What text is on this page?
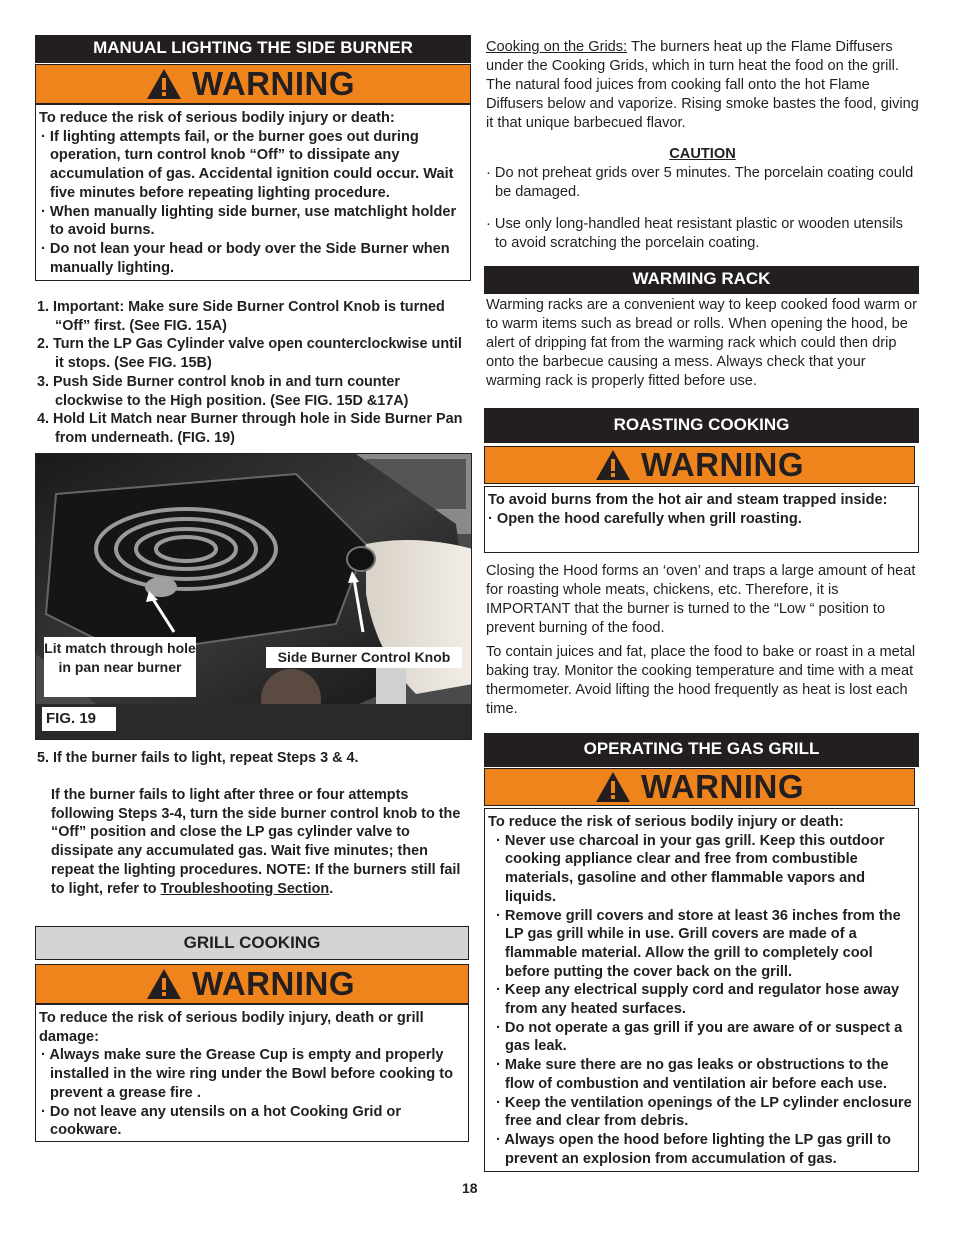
MANUAL LIGHTING THE SIDE BURNER
WARNING
To reduce the risk of serious bodily injury or death:
· If lighting attempts fail, or the burner goes out during operation, turn control knob “Off” to dissipate any accumulation of gas. Accidental ignition could occur. Wait five minutes before repeating lighting procedure.
· When manually lighting side burner, use matchlight holder to avoid burns.
· Do not lean your head or body over the Side Burner when manually lighting.

1. Important: Make sure Side Burner Control Knob is turned “Off” first. (See FIG. 15A)

2. Turn the LP Gas Cylinder valve open counterclockwise until it stops. (See FIG. 15B)

3. Push Side Burner control knob in and turn counter clockwise to the High position. (See FIG. 15D &17A)

4. Hold Lit Match near Burner through hole in Side Burner Pan from underneath. (FIG. 19)

Lit match through hole in pan near burner
Side Burner Control Knob
FIG. 19

5. If the burner fails to light, repeat Steps 3 & 4.

If the burner fails to light after three or four attempts following Steps 3-4, turn the side burner control knob to the “Off” position and close the LP gas cylinder valve to dissipate any accumulated gas. Wait five minutes; then repeat the lighting procedures. NOTE: If the burners still fail to light, refer to Troubleshooting Section.
GRILL COOKING
WARNING
To reduce the risk of serious bodily injury, death or grill damage:
· Always make sure the Grease Cup is empty and properly installed in the wire ring under the Bowl before cooking to prevent a grease fire .
· Do not leave any utensils on a hot Cooking Grid or cookware.
Cooking on the Grids: The burners heat up the Flame Diffusers under the Cooking Grids, which in turn heat the food on the grill. The natural food juices from cooking fall onto the hot Flame Diffusers below and vaporize. Rising smoke bastes the food, giving it that unique barbecued flavor.
CAUTION
· Do not preheat grids over 5 minutes. The porcelain coating could be damaged.
· Use only long-handled heat resistant plastic or wooden utensils to avoid scratching the porcelain coating.
WARMING RACK
Warming racks are a convenient way to keep cooked food warm or to warm items such as bread or rolls. When opening the hood, be alert of dripping fat from the warming rack which could then drip onto the barbecue causing a mess. Always check that your warming rack is properly fitted before use.
ROASTING COOKING
WARNING
To avoid burns from the hot air and steam trapped inside:
· Open the hood carefully when grill roasting.
Closing the Hood forms an ‘oven’ and traps a large amount of heat for roasting whole meats, chickens, etc. Therefore, it is IMPORTANT that the burner is turned to the “Low “ position to prevent burning of the food.
To contain juices and fat, place the food to bake or roast in a metal baking tray. Monitor the cooking temperature and time with a meat thermometer. Avoid lifting the hood frequently as heat is lost each time.
OPERATING THE GAS GRILL
WARNING
To reduce the risk of serious bodily injury or death:
· Never use charcoal in your gas grill. Keep this outdoor cooking appliance clear and free from combustible materials, gasoline and other flammable vapors and liquids.
· Remove grill covers and store at least 36 inches from the LP gas grill while in use. Grill covers are made of a flammable material. Allow the grill to completely cool before putting the cover back on the grill.
· Keep any electrical supply cord and regulator hose away from any heated surfaces.
· Do not operate a gas grill if you are aware of or suspect a gas leak.
· Make sure there are no gas leaks or obstructions to the flow of combustion and ventilation air before each use.
· Keep the ventilation openings of the LP cylinder enclosure free and clear from debris.
· Always open the hood before lighting the LP gas grill to prevent an explosion from accumulation of gas.
18
